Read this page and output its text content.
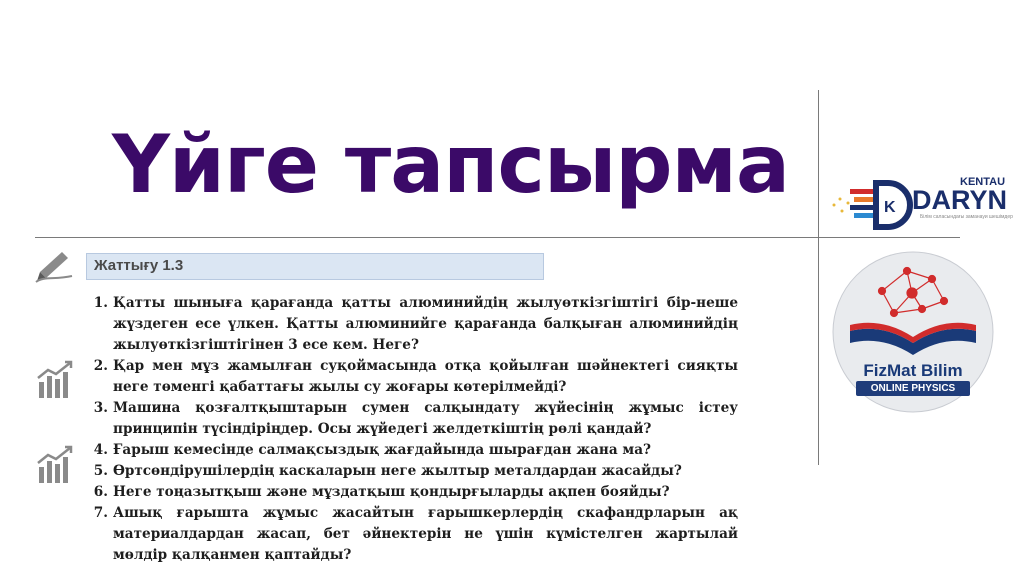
Үйге тапсырма
Жаттығу 1.3
1. Қатты шыныға қарағанда қатты алюминийдің жылуөткізгіштігі бір-неше жүздеген есе үлкен. Қатты алюминийге қарағанда балқыған алюминийдің жылуөткізгіштігінен 3 есе кем. Неге?
2. Қар мен мұз жамылған суқоймасында отқа қойылған шәйнектегі сияқты неге төменгі қабаттағы жылы су жоғары көтерілмейді?
3. Машина қозғалтқыштарын сумен салқындату жүйесінің жұмыс істеу принципін түсіндіріңдер. Осы жүйедегі желдеткіштің рөлі қандай?
4. Ғарыш кемесінде салмақсыздық жағдайында шырағдан жана ма?
5. Өртсөндірушілердің каскаларын неге жылтыр металдардан жасайды?
6. Неге тоңазытқыш және мұздатқыш қондырғыларды ақпен бояйды?
7. Ашық ғарышта жұмыс жасайтын ғарышкерлердің скафандрларын ақ материалдардан жасап, бет әйнектерін не үшін күмістелген жартылай мөлдір қалқанмен қаптайды?
K
KENTAU
DARYN
Білім саласындағы заманауи шешімдер
FizMat Bilim
ONLINE PHYSICS
